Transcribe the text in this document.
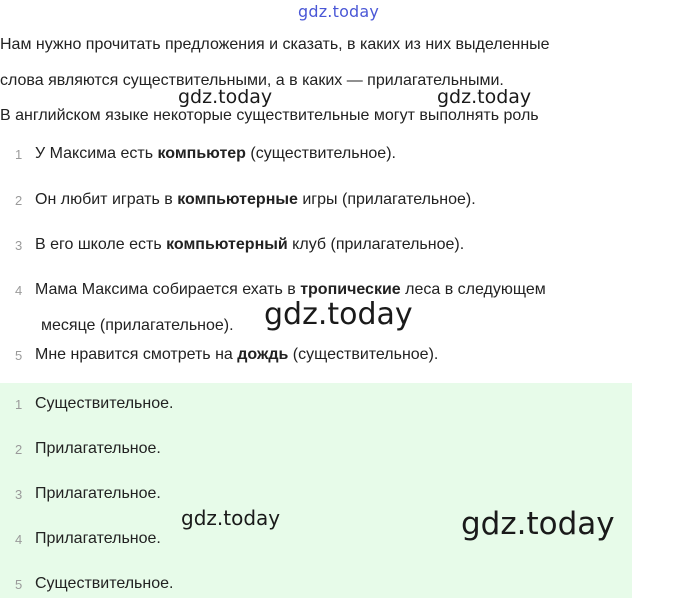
gdz.today
Нам нужно прочитать предложения и сказать, в каких из них выделенные
слова являются существительными, а в каких — прилагательными.
В английском языке некоторые существительные могут выполнять роль
1 У Максима есть компьютер (существительное).
2 Он любит играть в компьютерные игры (прилагательное).
3 В его школе есть компьютерный клуб (прилагательное).
4 Мама Максима собирается ехать в тропические леса в следующем
месяце (прилагательное).
5 Мне нравится смотреть на дождь (существительное).
1 Существительное.
2 Прилагательное.
3 Прилагательное.
4 Прилагательное.
5 Существительное.
gdz.today	gdz.today
gdz.today
gdz.today	gdz.today
